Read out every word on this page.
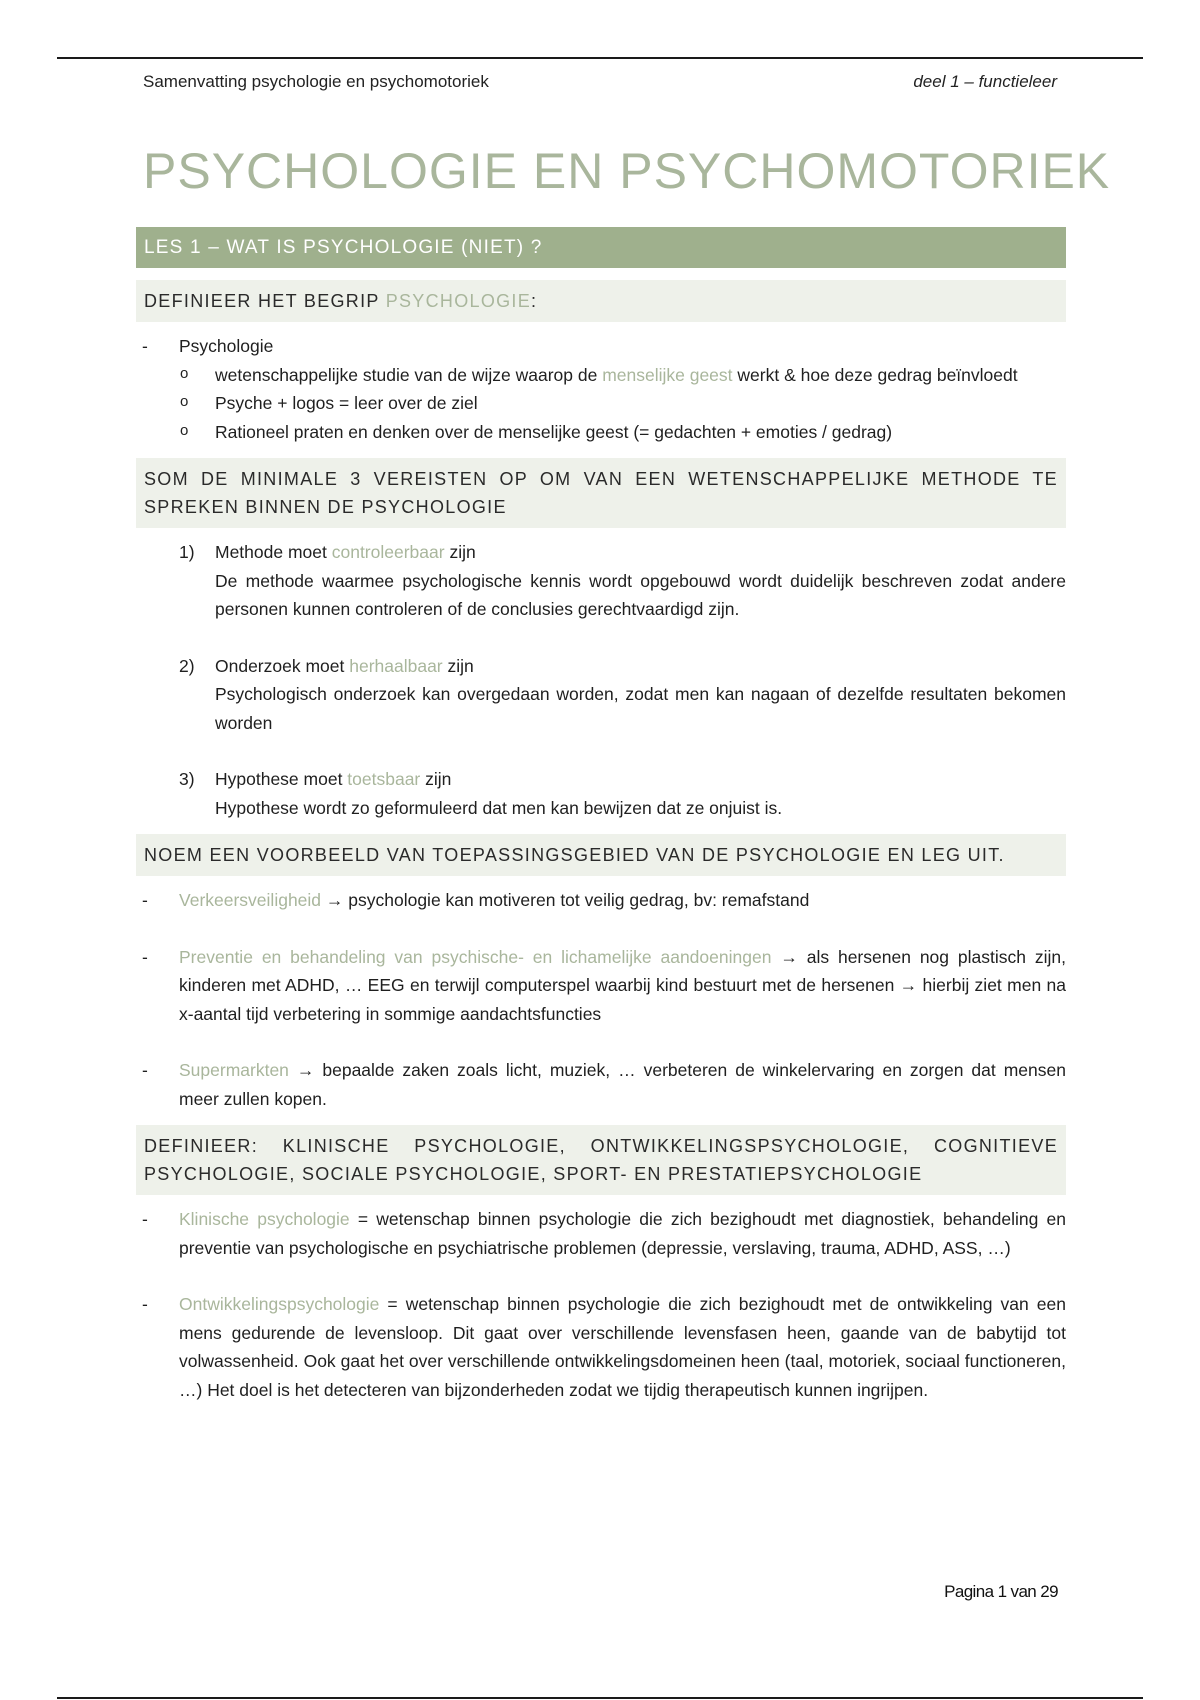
Samenvatting psychologie en psychomotoriek	deel 1 – functieleer
PSYCHOLOGIE EN PSYCHOMOTORIEK
LES 1 – WAT IS PSYCHOLOGIE (NIET) ?
DEFINIEER HET BEGRIP PSYCHOLOGIE:
- Psychologie
o wetenschappelijke studie van de wijze waarop de menselijke geest werkt & hoe deze gedrag beïnvloedt
o Psyche + logos = leer over de ziel
o Rationeel praten en denken over de menselijke geest (= gedachten + emoties / gedrag)
SOM DE MINIMALE 3 VEREISTEN OP OM VAN EEN WETENSCHAPPELIJKE METHODE TE SPREKEN BINNEN DE PSYCHOLOGIE
1) Methode moet controleerbaar zijn
De methode waarmee psychologische kennis wordt opgebouwd wordt duidelijk beschreven zodat andere personen kunnen controleren of de conclusies gerechtvaardigd zijn.
2) Onderzoek moet herhaalbaar zijn
Psychologisch onderzoek kan overgedaan worden, zodat men kan nagaan of dezelfde resultaten bekomen worden
3) Hypothese moet toetsbaar zijn
Hypothese wordt zo geformuleerd dat men kan bewijzen dat ze onjuist is.
NOEM EEN VOORBEELD VAN TOEPASSINGSGEBIED VAN DE PSYCHOLOGIE EN LEG UIT.
- Verkeersveiligheid → psychologie kan motiveren tot veilig gedrag, bv: remafstand
- Preventie en behandeling van psychische- en lichamelijke aandoeningen → als hersenen nog plastisch zijn, kinderen met ADHD, … EEG en terwijl computerspel waarbij kind bestuurt met de hersenen → hierbij ziet men na x-aantal tijd verbetering in sommige aandachtsfuncties
- Supermarkten → bepaalde zaken zoals licht, muziek, … verbeteren de winkelervaring en zorgen dat mensen meer zullen kopen.
DEFINIEER: KLINISCHE PSYCHOLOGIE, ONTWIKKELINGSPSYCHOLOGIE, COGNITIEVE PSYCHOLOGIE, SOCIALE PSYCHOLOGIE, SPORT- EN PRESTATIEPSYCHOLOGIE
- Klinische psychologie = wetenschap binnen psychologie die zich bezighoudt met diagnostiek, behandeling en preventie van psychologische en psychiatrische problemen (depressie, verslaving, trauma, ADHD, ASS, …)
- Ontwikkelingspsychologie = wetenschap binnen psychologie die zich bezighoudt met de ontwikkeling van een mens gedurende de levensloop. Dit gaat over verschillende levensfasen heen, gaande van de babytijd tot volwassenheid. Ook gaat het over verschillende ontwikkelingsdomeinen heen (taal, motoriek, sociaal functioneren, …) Het doel is het detecteren van bijzonderheden zodat we tijdig therapeutisch kunnen ingrijpen.
Pagina 1 van 29
